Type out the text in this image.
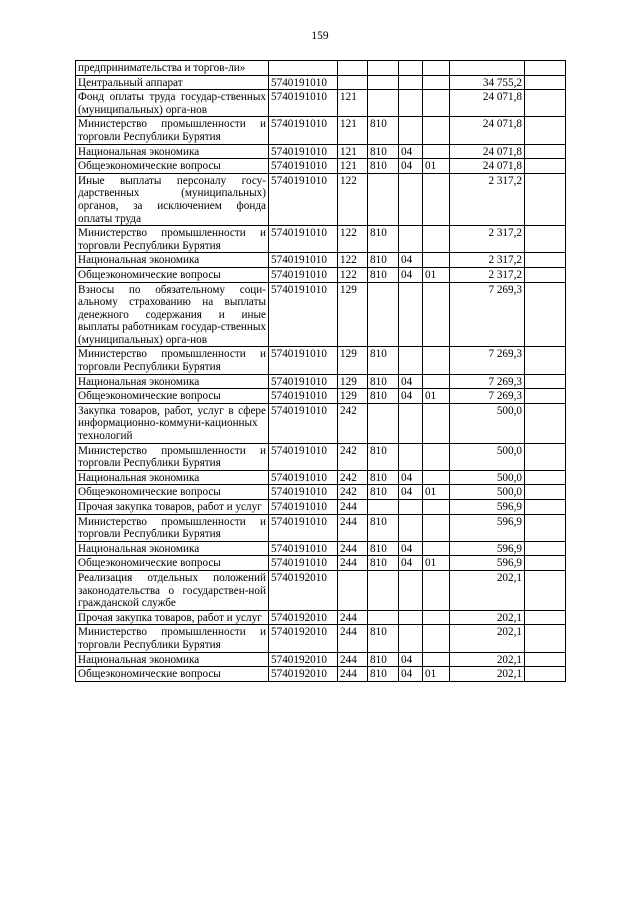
159
предпринимательства и торгов-ли»							
Центральный аппарат	5740191010					34 755,2	
Фонд оплаты труда государ-ственных (муниципальных) орга-нов	5740191010	121				24 071,8	
Министерство промышленности и торговли Республики Бурятия	5740191010	121	810			24 071,8	
Национальная экономика	5740191010	121	810	04		24 071,8	
Общеэкономические вопросы	5740191010	121	810	04	01	24 071,8	
Иные выплаты персоналу госу-дарственных (муниципальных) органов, за исключением фонда оплаты труда	5740191010	122				2 317,2	
Министерство промышленности и торговли Республики Бурятия	5740191010	122	810			2 317,2	
Национальная экономика	5740191010	122	810	04		2 317,2	
Общеэкономические вопросы	5740191010	122	810	04	01	2 317,2	
Взносы по обязательному соци-альному страхованию на выплаты денежного содержания и иные выплаты работникам государ-ственных (муниципальных) орга-нов	5740191010	129				7 269,3	
Министерство промышленности и торговли Республики Бурятия	5740191010	129	810			7 269,3	
Национальная экономика	5740191010	129	810	04		7 269,3	
Общеэкономические вопросы	5740191010	129	810	04	01	7 269,3	
Закупка товаров, работ, услуг в сфере информационно-коммуни-кационных технологий	5740191010	242				500,0	
Министерство промышленности и торговли Республики Бурятия	5740191010	242	810			500,0	
Национальная экономика	5740191010	242	810	04		500,0	
Общеэкономические вопросы	5740191010	242	810	04	01	500,0	
Прочая закупка товаров, работ и услуг	5740191010	244				596,9	
Министерство промышленности и торговли Республики Бурятия	5740191010	244	810			596,9	
Национальная экономика	5740191010	244	810	04		596,9	
Общеэкономические вопросы	5740191010	244	810	04	01	596,9	
Реализация отдельных положений законодательства о государствен-ной гражданской службе	5740192010					202,1	
Прочая закупка товаров, работ и услуг	5740192010	244				202,1	
Министерство промышленности и торговли Республики Бурятия	5740192010	244	810			202,1	
Национальная экономика	5740192010	244	810	04		202,1	
Общеэкономические вопросы	5740192010	244	810	04	01	202,1	
